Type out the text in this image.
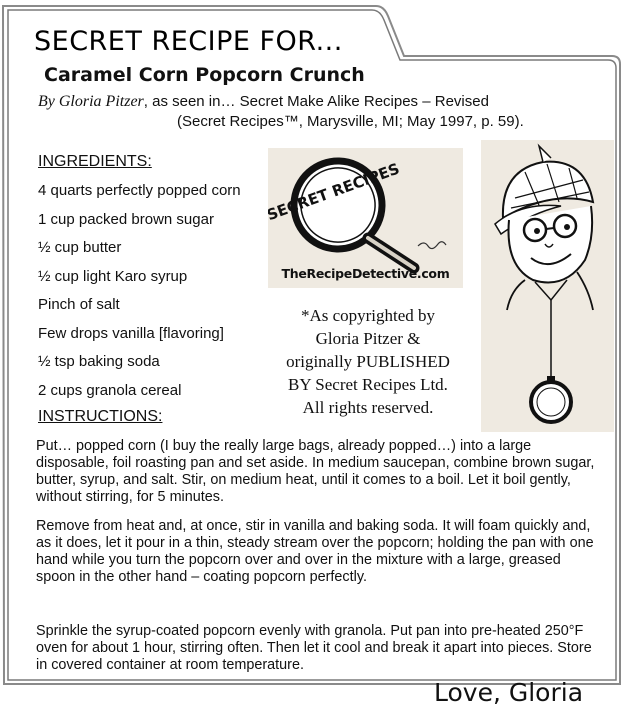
SECRET RECIPE FOR...
Caramel Corn Popcorn Crunch
By Gloria Pitzer, as seen in… Secret Make Alike Recipes – Revised
(Secret Recipes™, Marysville, MI; May 1997, p. 59).
INGREDIENTS:
4 quarts perfectly popped corn
1 cup packed brown sugar
½ cup butter
½ cup light Karo syrup
Pinch of salt
Few drops vanilla [flavoring]
½ tsp baking soda
2 cups granola cereal
INSTRUCTIONS:
SECRET RECIPES
TheRecipeDetective.com
*As copyrighted by
Gloria Pitzer &
originally PUBLISHED
BY Secret Recipes Ltd.
All rights reserved.
Put… popped corn (I buy the really large bags, already popped…) into a large disposable, foil roasting pan and set aside. In medium saucepan, combine brown sugar, butter, syrup, and salt. Stir, on medium heat, until it comes to a boil. Let it boil gently, without stirring, for 5 minutes.
Remove from heat and, at once, stir in vanilla and baking soda. It will foam quickly and, as it does, let it pour in a thin, steady stream over the popcorn; holding the pan with one hand while you turn the popcorn over and over in the mixture with a large, greased spoon in the other hand – coating popcorn perfectly.
Sprinkle the syrup-coated popcorn evenly with granola. Put pan into pre-heated 250°F oven for about 1 hour, stirring often. Then let it cool and break it apart into pieces. Store in covered container at room temperature.
Love, Gloria
